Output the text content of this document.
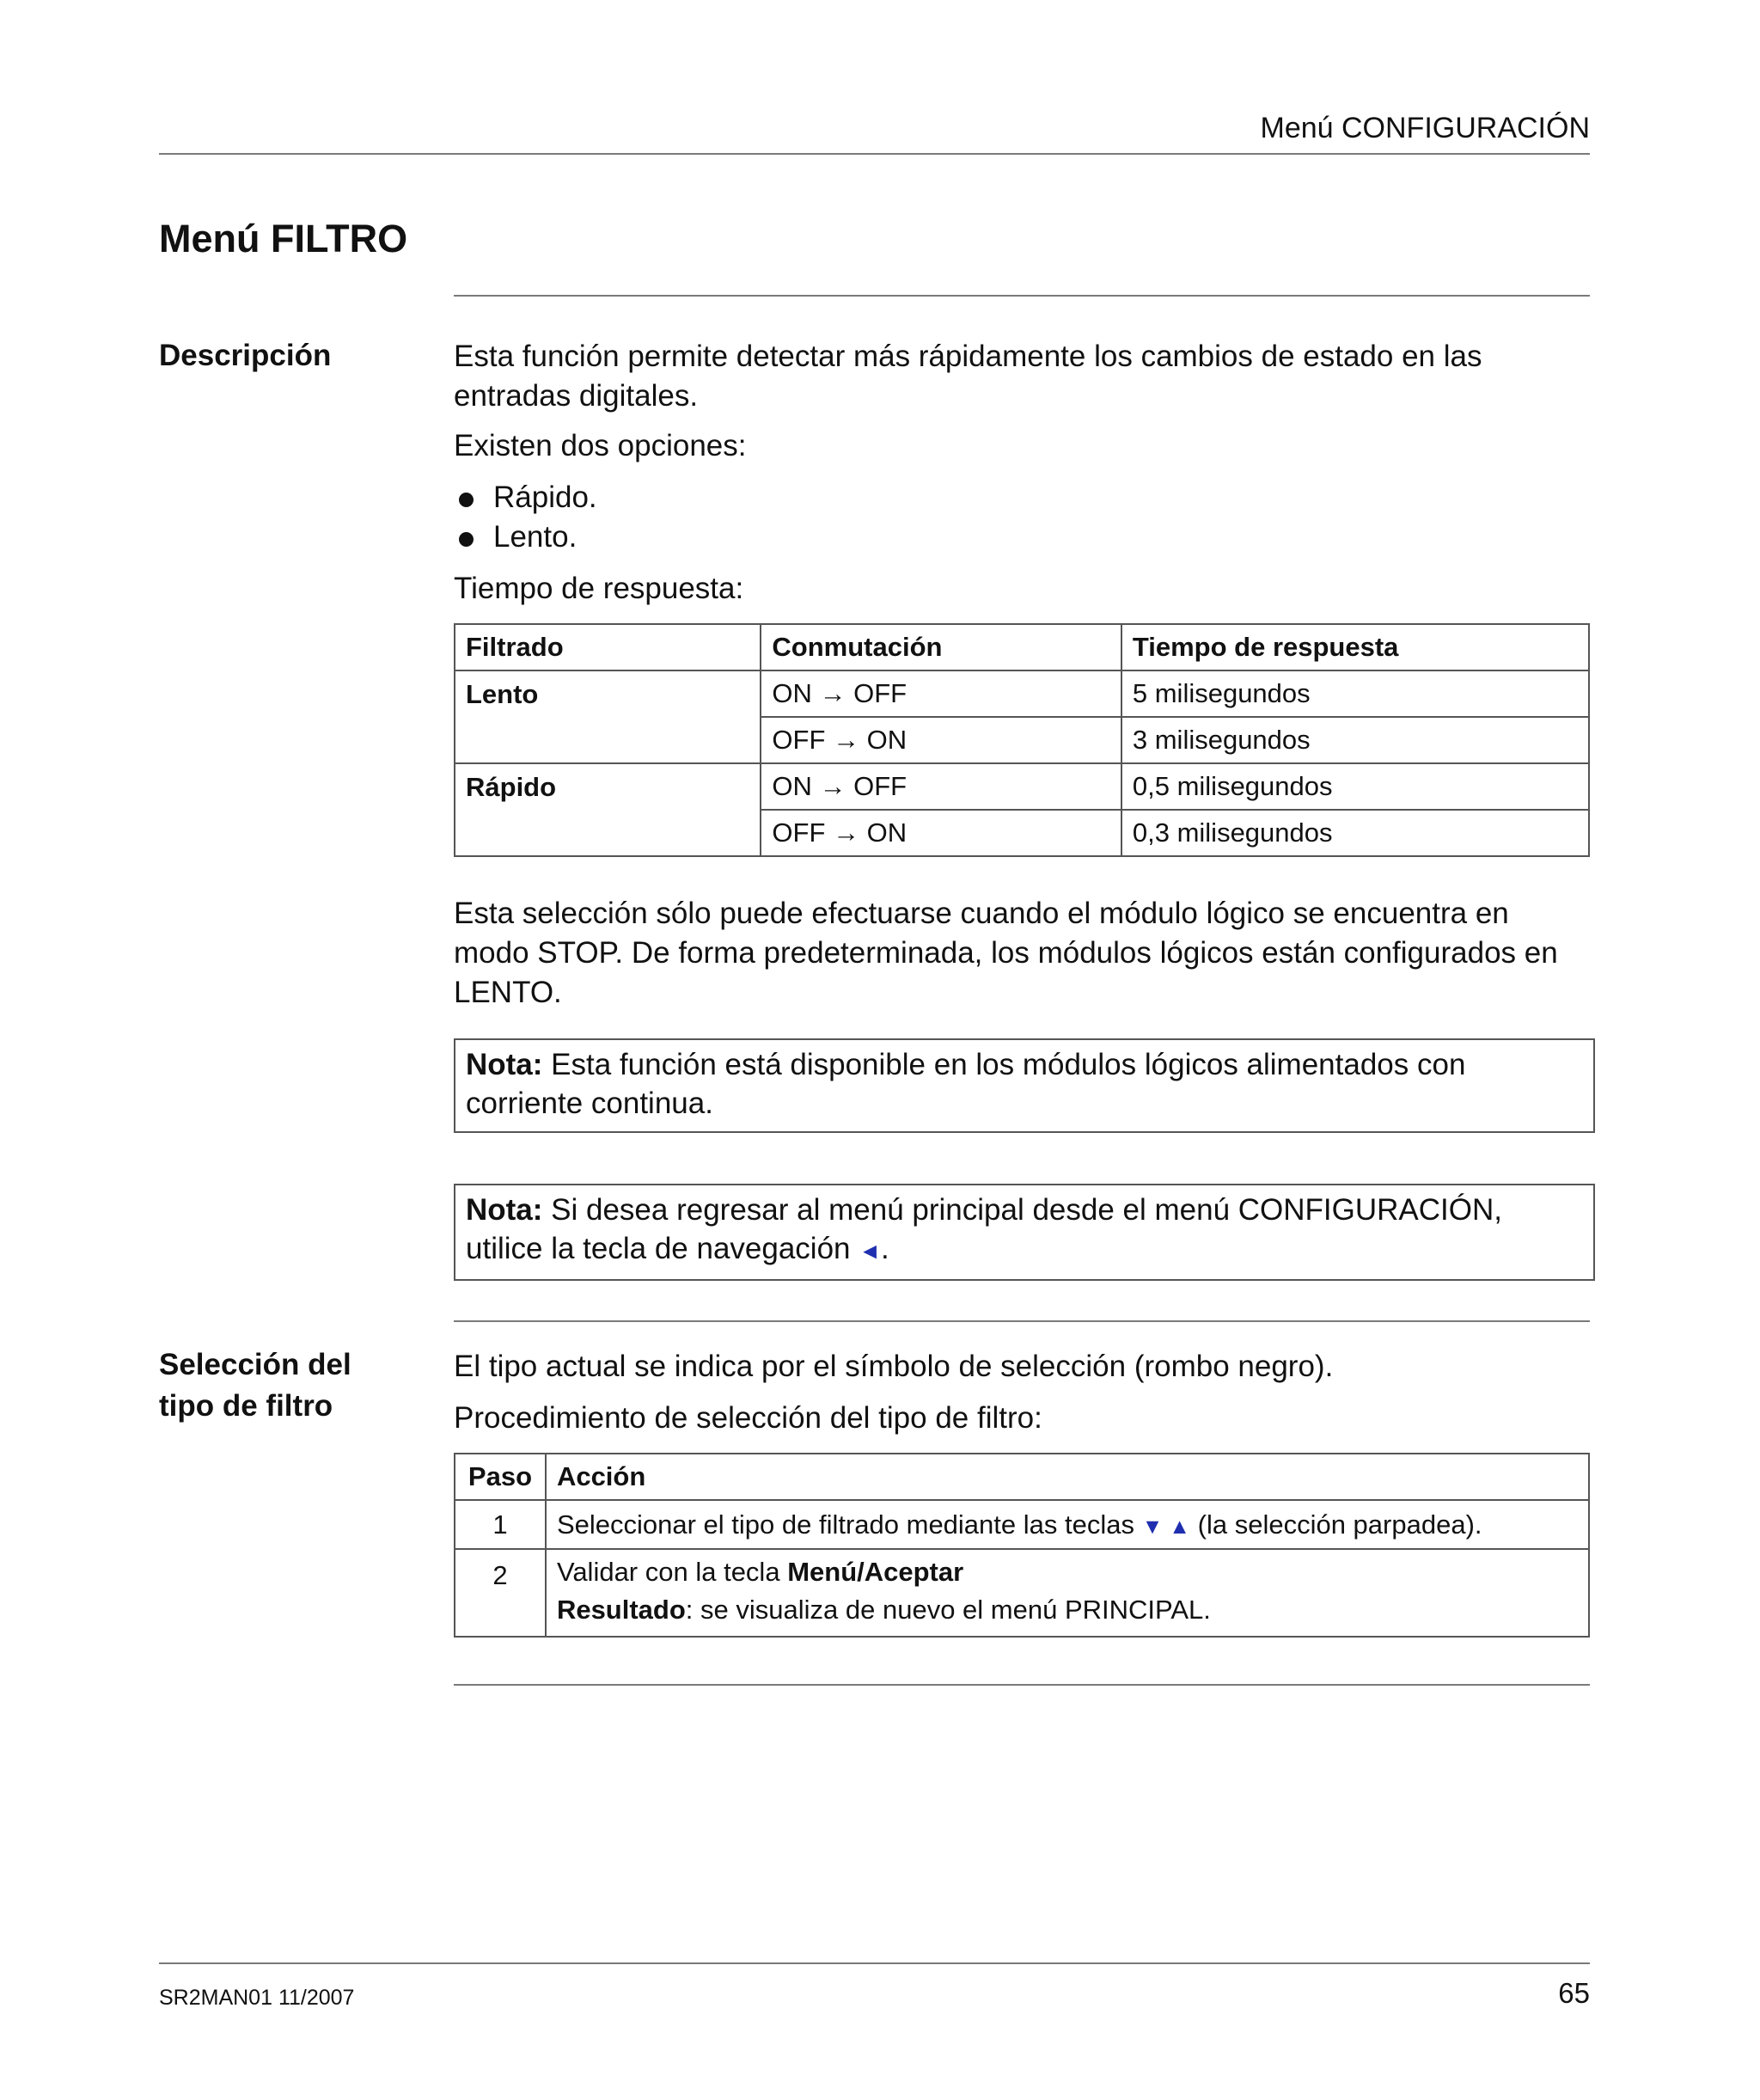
Menú CONFIGURACIÓN
Menú FILTRO
Descripción	Esta función permite detectar más rápidamente los cambios de estado en las entradas digitales.

Existen dos opciones:

Rápido.
Lento.

Tiempo de respuesta:

Filtrado	Conmutación	Tiempo de respuesta
Lento	ON → OFF	5 milisegundos
	OFF → ON	3 milisegundos
Rápido	ON → OFF	0,5 milisegundos
	OFF → ON	0,3 milisegundos

Esta selección sólo puede efectuarse cuando el módulo lógico se encuentra en modo STOP. De forma predeterminada, los módulos lógicos están configurados en LENTO.

Nota: Esta función está disponible en los módulos lógicos alimentados con corriente continua.
Nota: Si desea regresar al menú principal desde el menú CONFIGURACIÓN, utilice la tecla de navegación ◄.
Selección del
tipo de filtro

El tipo actual se indica por el símbolo de selección (rombo negro).

Procedimiento de selección del tipo de filtro:

Paso	Acción
1	Seleccionar el tipo de filtrado mediante las teclas ▼ ▲ (la selección parpadea).
2	Validar con la tecla Menú/Aceptar
Resultado: se visualiza de nuevo el menú PRINCIPAL.
SR2MAN01 11/2007	65
